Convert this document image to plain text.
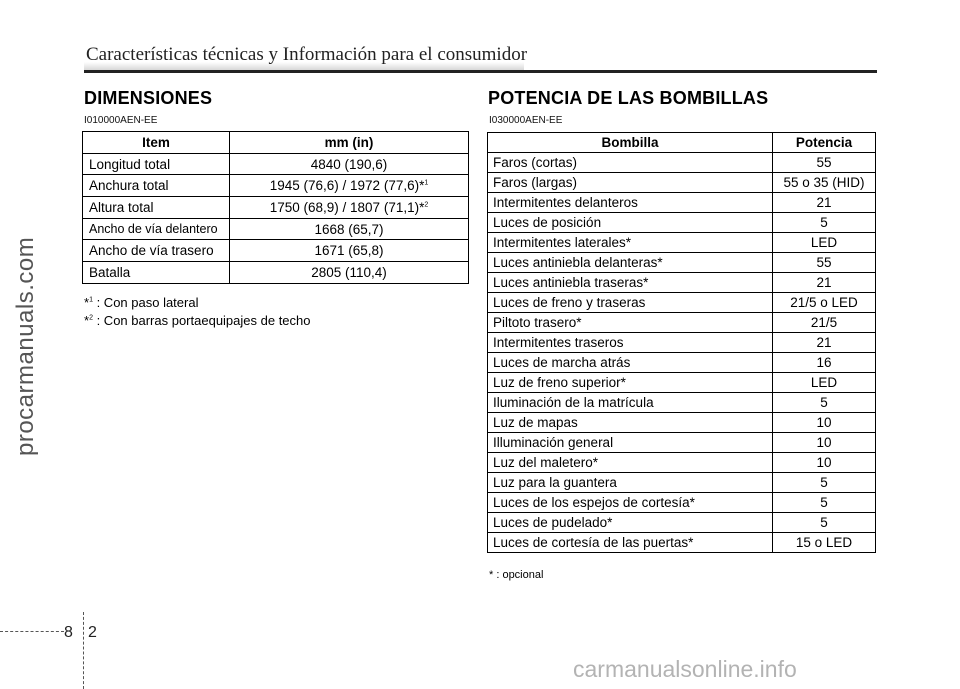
Características técnicas y Información para el consumidor
procarmanuals.com
DIMENSIONES
I010000AEN-EE
Item	mm (in)
Longitud total	4840 (190,6)
Anchura total	1945 (76,6) / 1972 (77,6)*$^1$
Altura total	1750 (68,9) / 1807 (71,1)*$^2$
Ancho de vía delantero	1668 (65,7)
Ancho de vía trasero	1671 (65,8)
Batalla	2805 (110,4)
*$^1$ : Con paso lateral
*$^2$ : Con barras portaequipajes de techo
POTENCIA DE LAS BOMBILLAS
I030000AEN-EE
Bombilla	Potencia
Faros (cortas)	55
Faros (largas)	55 o 35 (HID)
Intermitentes delanteros	21
Luces de posición	5
Intermitentes laterales*	LED
Luces antiniebla delanteras*	55
Luces antiniebla traseras*	21
Luces de freno y traseras	21/5 o LED
Piltoto trasero*	21/5
Intermitentes traseros	21
Luces de marcha atrás	16
Luz de freno superior*	LED
Iluminación de la matrícula	5
Luz de mapas	10
Illuminación general	10
Luz del maletero*	10
Luz para la guantera	5
Luces de los espejos de cortesía*	5
Luces de pudelado*	5
Luces de cortesía de las puertas*	15 o LED
* : opcional
8 2
carmanualsonline.info
